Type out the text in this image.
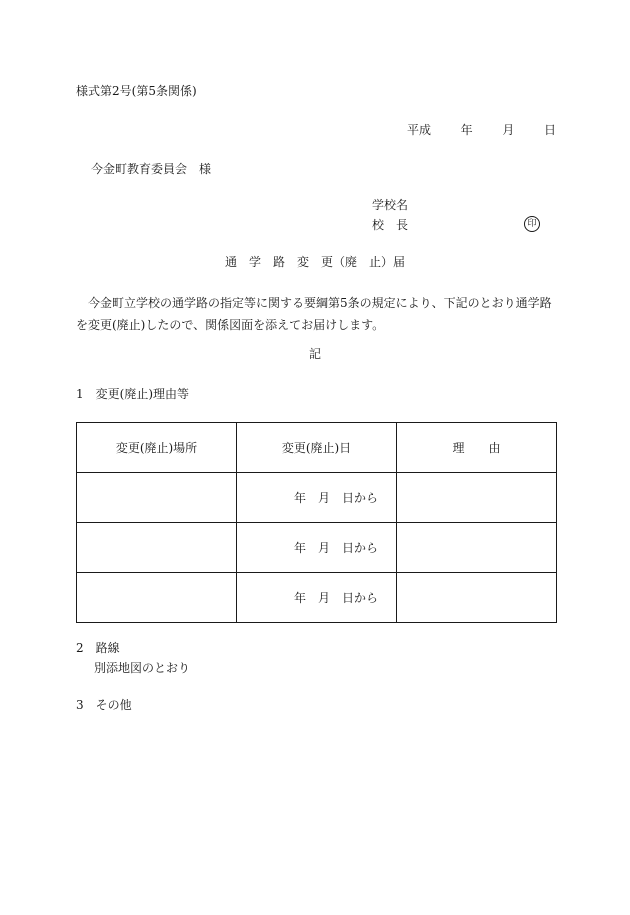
様式第2号(第5条関係)
平成 年 月 日
今金町教育委員会　様
学校名
校　長	印
通　学　路　変　更（廃　止）届
今金町立学校の通学路の指定等に関する要綱第5条の規定により、下記のとおり通学路を変更(廃止)したので、関係図面を添えてお届けします。
記
1　変更(廃止)理由等
変更(廃止)場所	変更(廃止)日	理　　由
	年　月　日から	
	年　月　日から	
	年　月　日から	
2　路線
別添地図のとおり
3　その他
